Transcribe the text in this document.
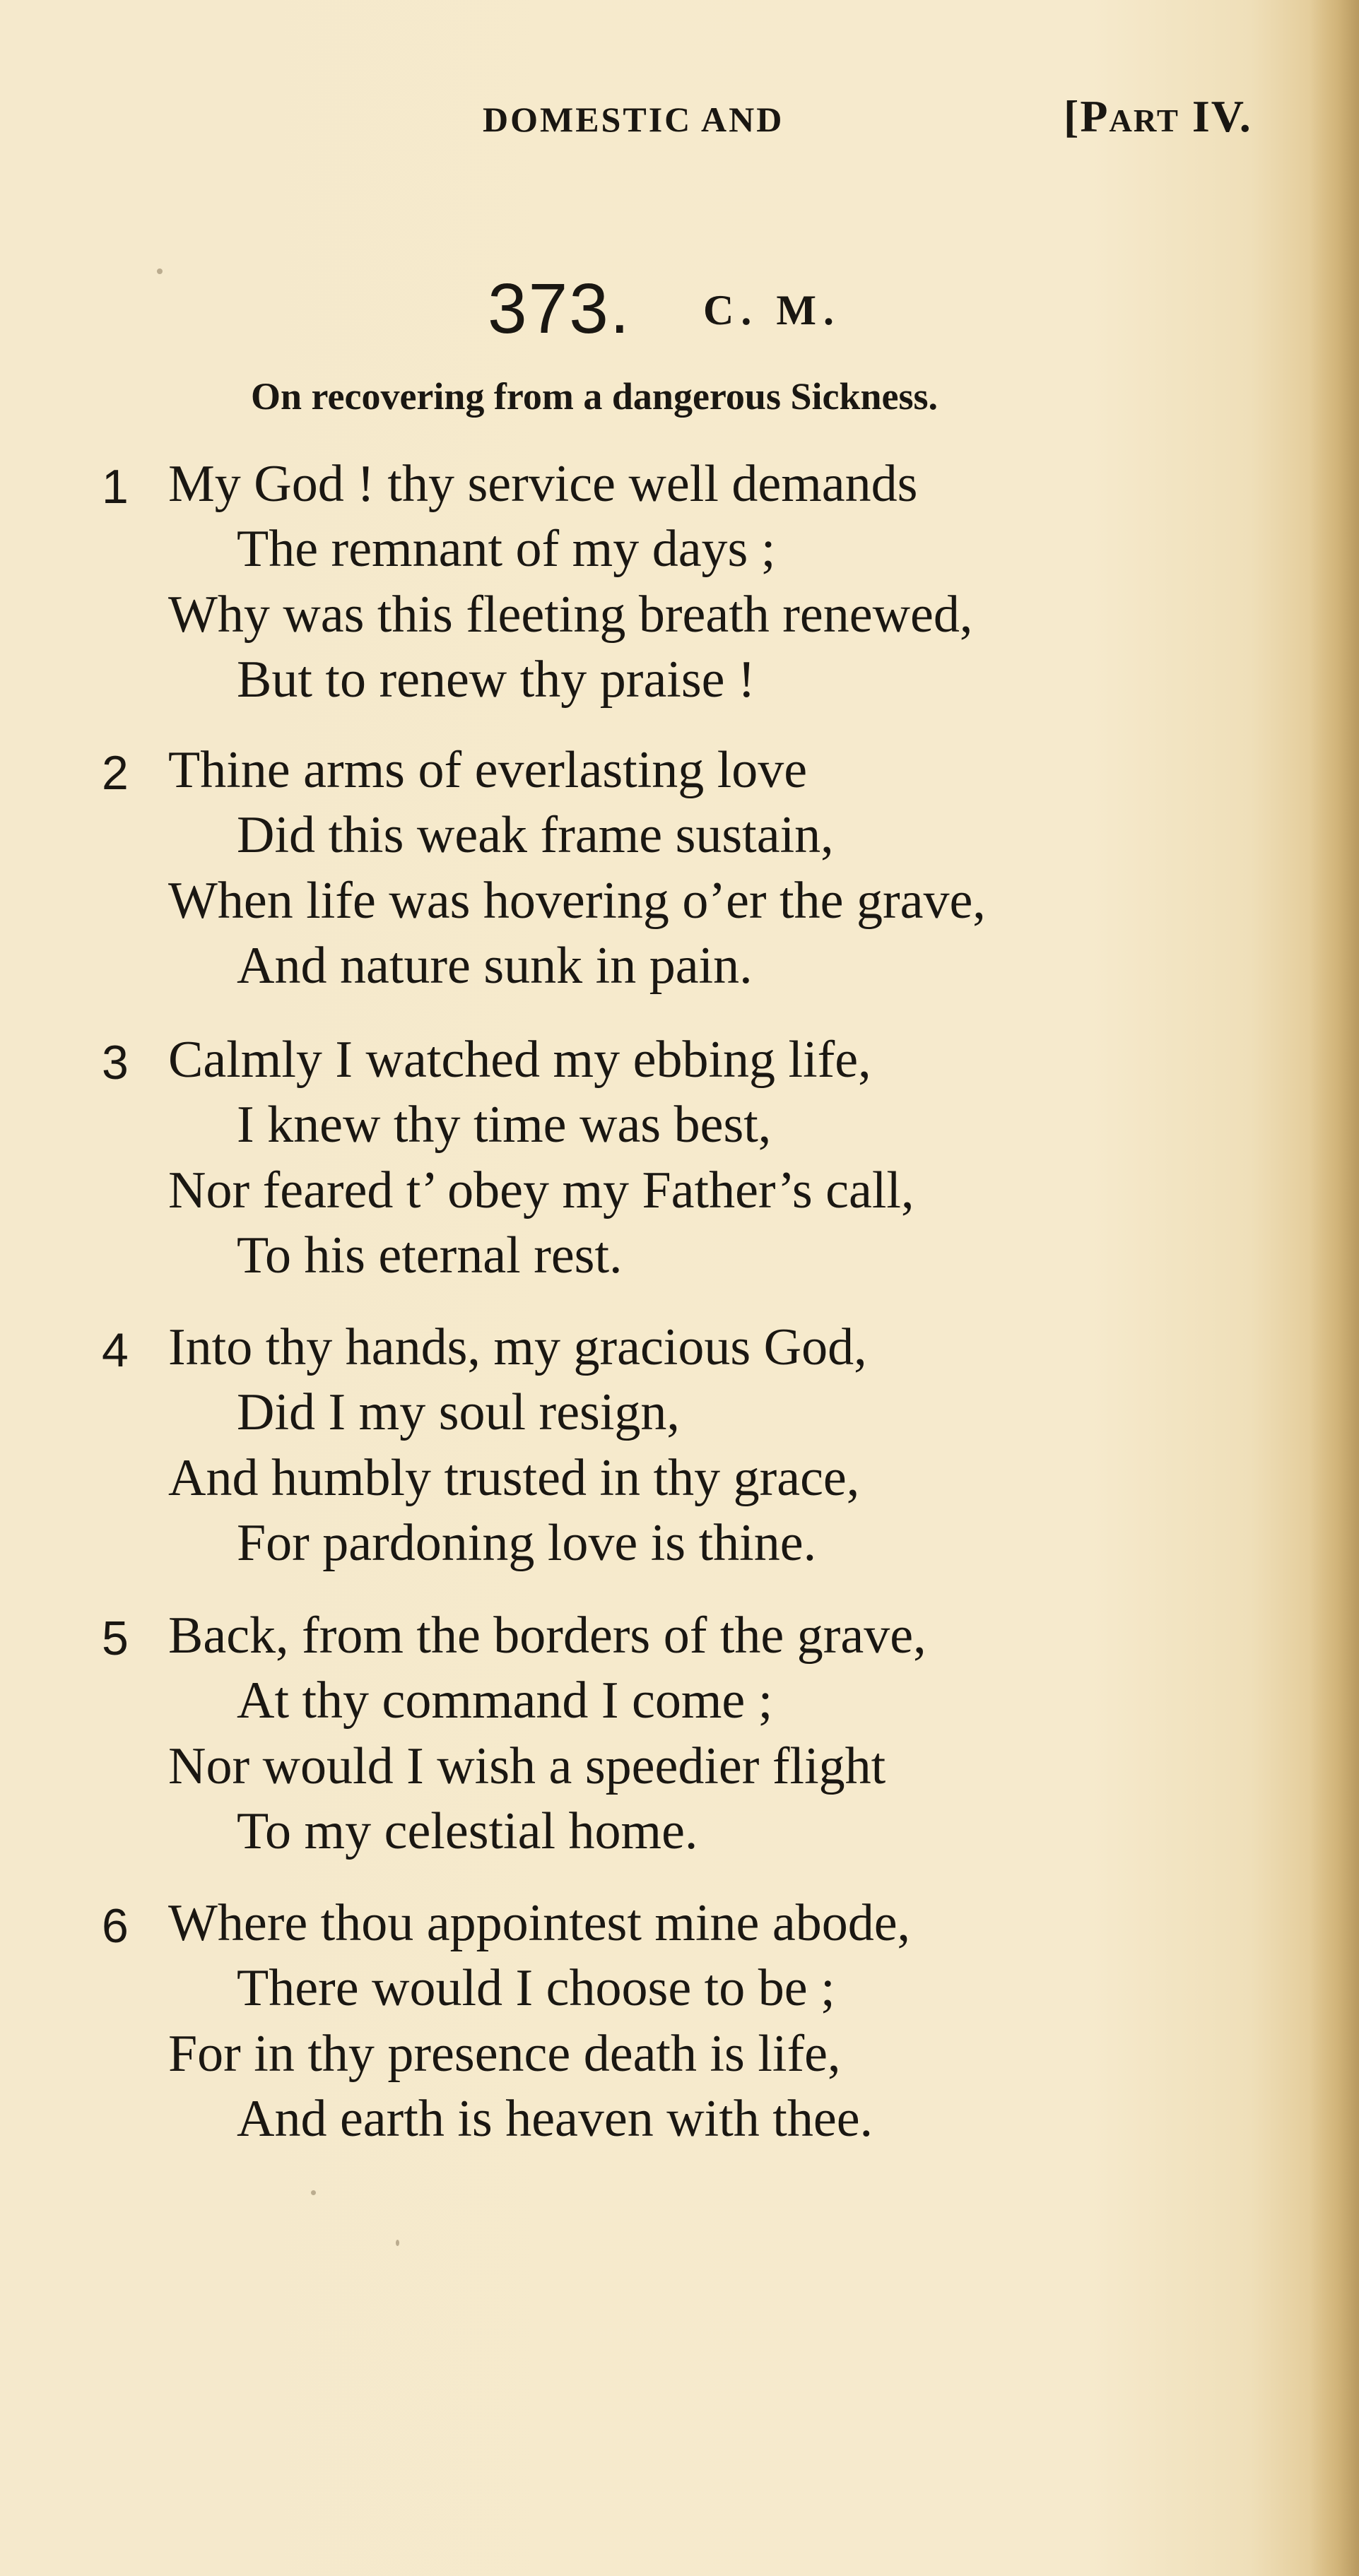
DOMESTIC AND	[Part IV.
373. C. M.
On recovering from a dangerous Sickness.
1 My God ! thy service well demands
The remnant of my days ;
Why was this fleeting breath renewed,
But to renew thy praise !
2 Thine arms of everlasting love
Did this weak frame sustain,
When life was hovering o’er the grave,
And nature sunk in pain.
3 Calmly I watched my ebbing life,
I knew thy time was best,
Nor feared t’ obey my Father’s call,
To his eternal rest.
4 Into thy hands, my gracious God,
Did I my soul resign,
And humbly trusted in thy grace,
For pardoning love is thine.
5 Back, from the borders of the grave,
At thy command I come ;
Nor would I wish a speedier flight
To my celestial home.
6 Where thou appointest mine abode,
There would I choose to be ;
For in thy presence death is life,
And earth is heaven with thee.
